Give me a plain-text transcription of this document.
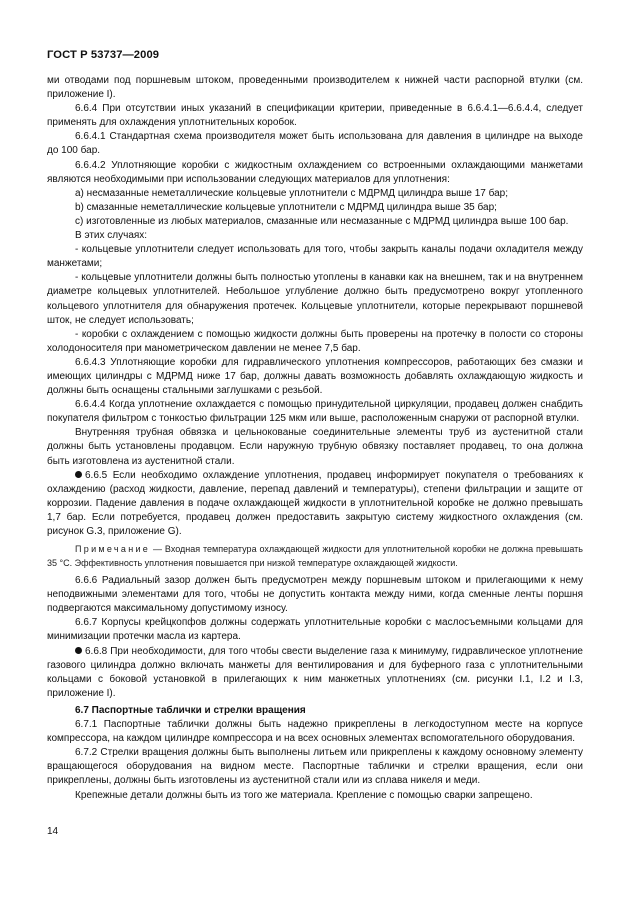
ГОСТ Р 53737—2009

ми отводами под поршневым штоком, проведенными производителем к нижней части распорной втулки (см. приложение I).

6.6.4 При отсутствии иных указаний в спецификации критерии, приведенные в 6.6.4.1—6.6.4.4, следует применять для охлаждения уплотнительных коробок.

6.6.4.1 Стандартная схема производителя может быть использована для давления в цилиндре на выходе до 100 бар.

6.6.4.2 Уплотняющие коробки с жидкостным охлаждением со встроенными охлаждающими манжетами являются необходимыми при использовании следующих материалов для уплотнения:

a) несмазанные неметаллические кольцевые уплотнители с МДРМД цилиндра выше 17 бар;

b) смазанные неметаллические кольцевые уплотнители с МДРМД цилиндра выше 35 бар;

c) изготовленные из любых материалов, смазанные или несмазанные с МДРМД цилиндра выше 100 бар.

В этих случаях:

- кольцевые уплотнители следует использовать для того, чтобы закрыть каналы подачи охладителя между манжетами;

- кольцевые уплотнители должны быть полностью утоплены в канавки как на внешнем, так и на внутреннем диаметре кольцевых уплотнителей. Небольшое углубление должно быть предусмотрено вокруг утопленного кольцевого уплотнителя для обнаружения протечек. Кольцевые уплотнители, которые перекрывают поршневой шток, не следует использовать;

- коробки с охлаждением с помощью жидкости должны быть проверены на протечку в полости со стороны холодоносителя при манометрическом давлении не менее 7,5 бар.

6.6.4.3 Уплотняющие коробки для гидравлического уплотнения компрессоров, работающих без смазки и имеющих цилиндры с МДРМД ниже 17 бар, должны давать возможность добавлять охлаждающую жидкость и должны быть оснащены стальными заглушками с резьбой.

6.6.4.4 Когда уплотнение охлаждается с помощью принудительной циркуляции, продавец должен снабдить покупателя фильтром с тонкостью фильтрации 125 мкм или выше, расположенным снаружи от распорной втулки.

Внутренняя трубная обвязка и цельнокованые соединительные элементы труб из аустенитной стали должны быть установлены продавцом. Если наружную трубную обвязку поставляет продавец, то она должна быть изготовлена из аустенитной стали.

6.6.5 Если необходимо охлаждение уплотнения, продавец информирует покупателя о требованиях к охлаждению (расход жидкости, давление, перепад давлений и температуры), степени фильтрации и защите от коррозии. Падение давления в подаче охлаждающей жидкости в уплотнительной коробке не должно превышать 1,7 бар. Если потребуется, продавец должен предоставить закрытую систему жидкостного охлаждения (см. рисунок G.3, приложение G).

Примечание — Входная температура охлаждающей жидкости для уплотнительной коробки не должна превышать 35 °С. Эффективность уплотнения повышается при низкой температуре охлаждающей жидкости.

6.6.6 Радиальный зазор должен быть предусмотрен между поршневым штоком и прилегающими к нему неподвижными элементами для того, чтобы не допустить контакта между ними, когда сменные ленты поршня подвергаются максимальному допустимому износу.

6.6.7 Корпусы крейцкопфов должны содержать уплотнительные коробки с маслосъемными кольцами для минимизации протечки масла из картера.

6.6.8 При необходимости, для того чтобы свести выделение газа к минимуму, гидравлическое уплотнение газового цилиндра должно включать манжеты для вентилирования и для буферного газа с уплотнительными кольцами с боковой установкой в прилегающих к ним манжетных уплотнениях (см. рисунки I.1, I.2 и I.3, приложение I).

6.7 Паспортные таблички и стрелки вращения

6.7.1 Паспортные таблички должны быть надежно прикреплены в легкодоступном месте на корпусе компрессора, на каждом цилиндре компрессора и на всех основных элементах вспомогательного оборудования.

6.7.2 Стрелки вращения должны быть выполнены литьем или прикреплены к каждому основному элементу вращающегося оборудования на видном месте. Паспортные таблички и стрелки вращения, если они прикреплены, должны быть изготовлены из аустенитной стали или из сплава никеля и меди.

Крепежные детали должны быть из того же материала. Крепление с помощью сварки запрещено.

14
